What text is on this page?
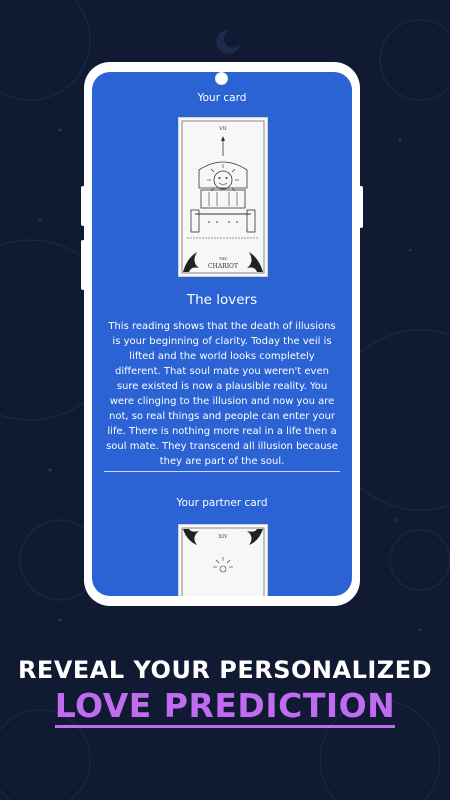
Your card
VII
THE
CHARIOT
The lovers

This reading shows that the death of illusions is your beginning of clarity. Today the veil is lifted and the world looks completely different. That soul mate you weren't even sure existed is now a plausible reality. You were clinging to the illusion and now you are not, so real things and people can enter your life. There is nothing more real in a life then a soul mate. They transcend all illusion because they are part of the soul.

Your partner card
XIV
REVEAL YOUR PERSONALIZED
LOVE PREDICTION
